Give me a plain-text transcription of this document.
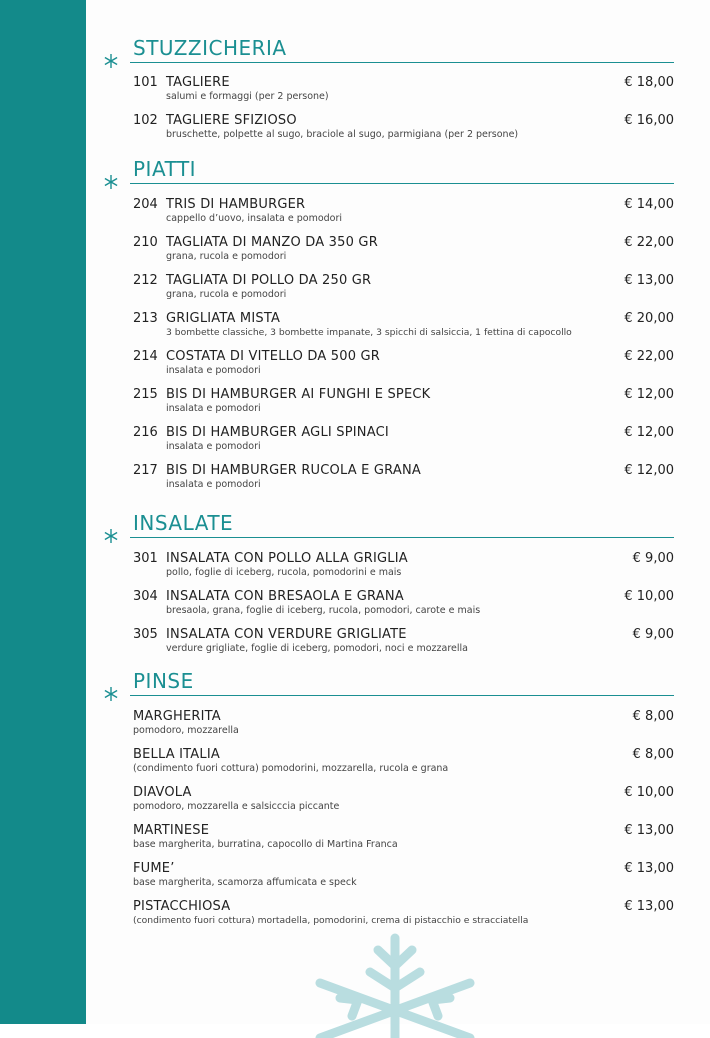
STUZZICHERIA
101 TAGLIERE
salumi e formaggi (per 2 persone)
€ 18,00
102 TAGLIERE SFIZIOSO
bruschette, polpette al sugo, braciole al sugo, parmigiana (per 2 persone)
€ 16,00
PIATTI
204 TRIS DI HAMBURGER
cappello d’uovo, insalata e pomodori
€ 14,00
210 TAGLIATA DI MANZO DA 350 GR
grana, rucola e pomodori
€ 22,00
212 TAGLIATA DI POLLO DA 250 GR
grana, rucola e pomodori
€ 13,00
213 GRIGLIATA MISTA
3 bombette classiche, 3 bombette impanate, 3 spicchi di salsiccia, 1 fettina di capocollo
€ 20,00
214 COSTATA DI VITELLO DA 500 GR
insalata e pomodori
€ 22,00
215 BIS DI HAMBURGER AI FUNGHI E SPECK
insalata e pomodori
€ 12,00
216 BIS DI HAMBURGER AGLI SPINACI
insalata e pomodori
€ 12,00
217 BIS DI HAMBURGER RUCOLA E GRANA
insalata e pomodori
€ 12,00
INSALATE
301 INSALATA CON POLLO ALLA GRIGLIA
pollo, foglie di iceberg, rucola, pomodorini e mais
€ 9,00
304 INSALATA CON BRESAOLA E GRANA
bresaola, grana, foglie di iceberg, rucola, pomodori, carote e mais
€ 10,00
305 INSALATA CON VERDURE GRIGLIATE
verdure grigliate, foglie di iceberg, pomodori, noci e mozzarella
€ 9,00
PINSE
MARGHERITA
pomodoro, mozzarella
€ 8,00
BELLA ITALIA
(condimento fuori cottura) pomodorini, mozzarella, rucola e grana
€ 8,00
DIAVOLA
pomodoro, mozzarella e salsicccia piccante
€ 10,00
MARTINESE
base margherita, burratina, capocollo di Martina Franca
€ 13,00
FUME’
base margherita, scamorza affumicata e speck
€ 13,00
PISTACCHIOSA
(condimento fuori cottura) mortadella, pomodorini, crema di pistacchio e stracciatella
€ 13,00
